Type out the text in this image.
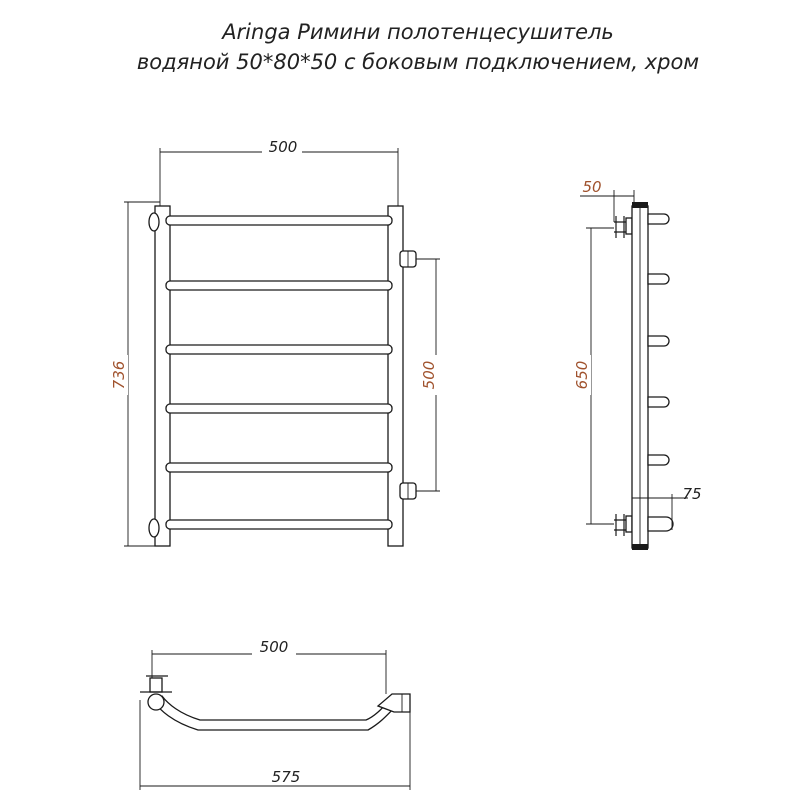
Aringa Римини полотенцесушитель
водяной 50*80*50 с боковым подключением, хром
500
736	500
50
650
75
500
575
